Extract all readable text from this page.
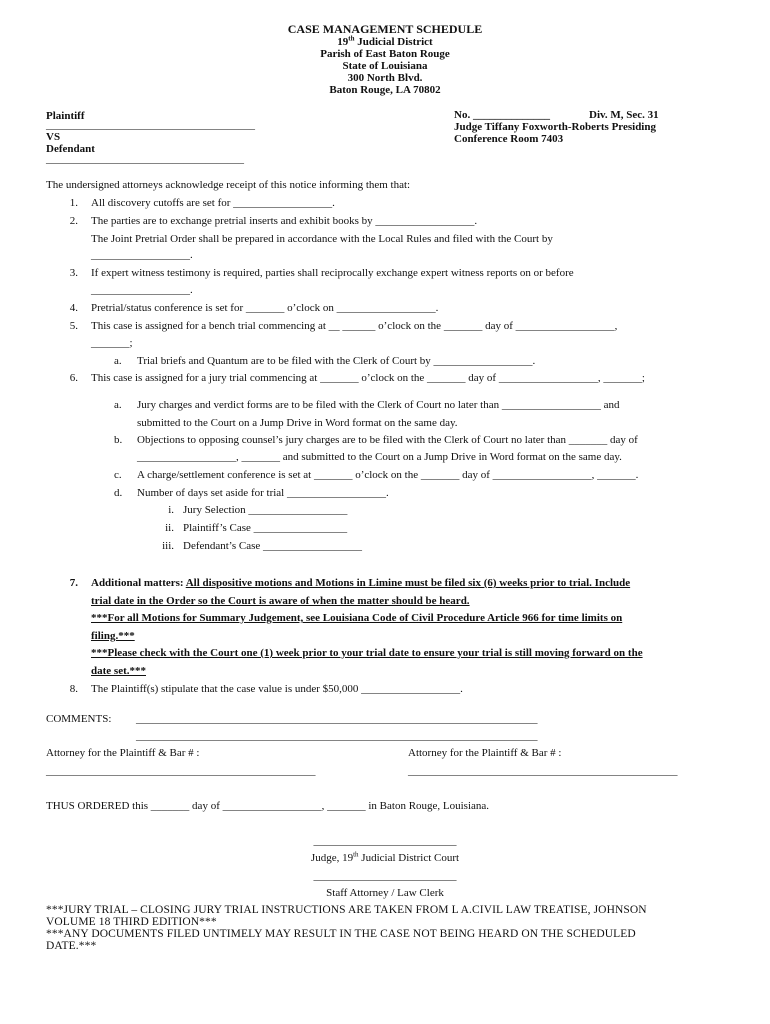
CASE MANAGEMENT SCHEDULE
19th Judicial District
Parish of East Baton Rouge
State of Louisiana
300 North Blvd.
Baton Rouge, LA 70802
Plaintiff
______________________________________
VS
Defendant
____________________________________
No. ______________	Div. M, Sec. 31
Judge Tiffany Foxworth-Roberts Presiding
Conference Room 7403
The undersigned attorneys acknowledge receipt of this notice informing them that:
1. All discovery cutoffs are set for __________________.
2. The parties are to exchange pretrial inserts and exhibit books by __________________.
The Joint Pretrial Order shall be prepared in accordance with the Local Rules and filed with the Court by
__________________.
3. If expert witness testimony is required, parties shall reciprocally exchange expert witness reports on or before
__________________.
4. Pretrial/status conference is set for _______ o’clock on __________________.
5. This case is assigned for a bench trial commencing at __ ______ o’clock on the _______ day of __________________,
_______;
a. Trial briefs and Quantum are to be filed with the Clerk of Court by __________________.
6. This case is assigned for a jury trial commencing at _______ o’clock on the _______ day of __________________, _______;
a. Jury charges and verdict forms are to be filed with the Clerk of Court no later than __________________ and
submitted to the Court on a Jump Drive in Word format on the same day.
b. Objections to opposing counsel’s jury charges are to be filed with the Clerk of Court no later than _______ day of
__________________, _______ and submitted to the Court on a Jump Drive in Word format on the same day.
c. A charge/settlement conference is set at _______ o’clock on the _______ day of __________________, _______.
d. Number of days set aside for trial __________________.
i. Jury Selection __________________
ii. Plaintiff’s Case _________________
iii. Defendant’s Case __________________
7. Additional matters: All dispositive motions and Motions in Limine must be filed six (6) weeks prior to trial. Include
trial date in the Order so the Court is aware of when the matter should be heard.
***For all Motions for Summary Judgement, see Louisiana Code of Civil Procedure Article 966 for time limits on
filing.***
***Please check with the Court one (1) week prior to your trial date to ensure your trial is still moving forward on the
date set.***
8. The Plaintiff(s) stipulate that the case value is under $50,000 __________________.
COMMENTS: _________________________________________________________________________
_________________________________________________________________________
Attorney for the Plaintiff & Bar # :	Attorney for the Plaintiff & Bar # :
_________________________________________________	_________________________________________________
THUS ORDERED this _______ day of __________________, _______ in Baton Rouge, Louisiana.
__________________________
Judge, 19th Judicial District Court
__________________________
Staff Attorney / Law Clerk
***JURY TRIAL – CLOSING JURY TRIAL INSTRUCTIONS ARE TAKEN FROM L A.CIVIL LAW TREATISE, JOHNSON
VOLUME 18 THIRD EDITION***
***ANY DOCUMENTS FILED UNTIMELY MAY RESULT IN THE CASE NOT BEING HEARD ON THE SCHEDULED
DATE.***
